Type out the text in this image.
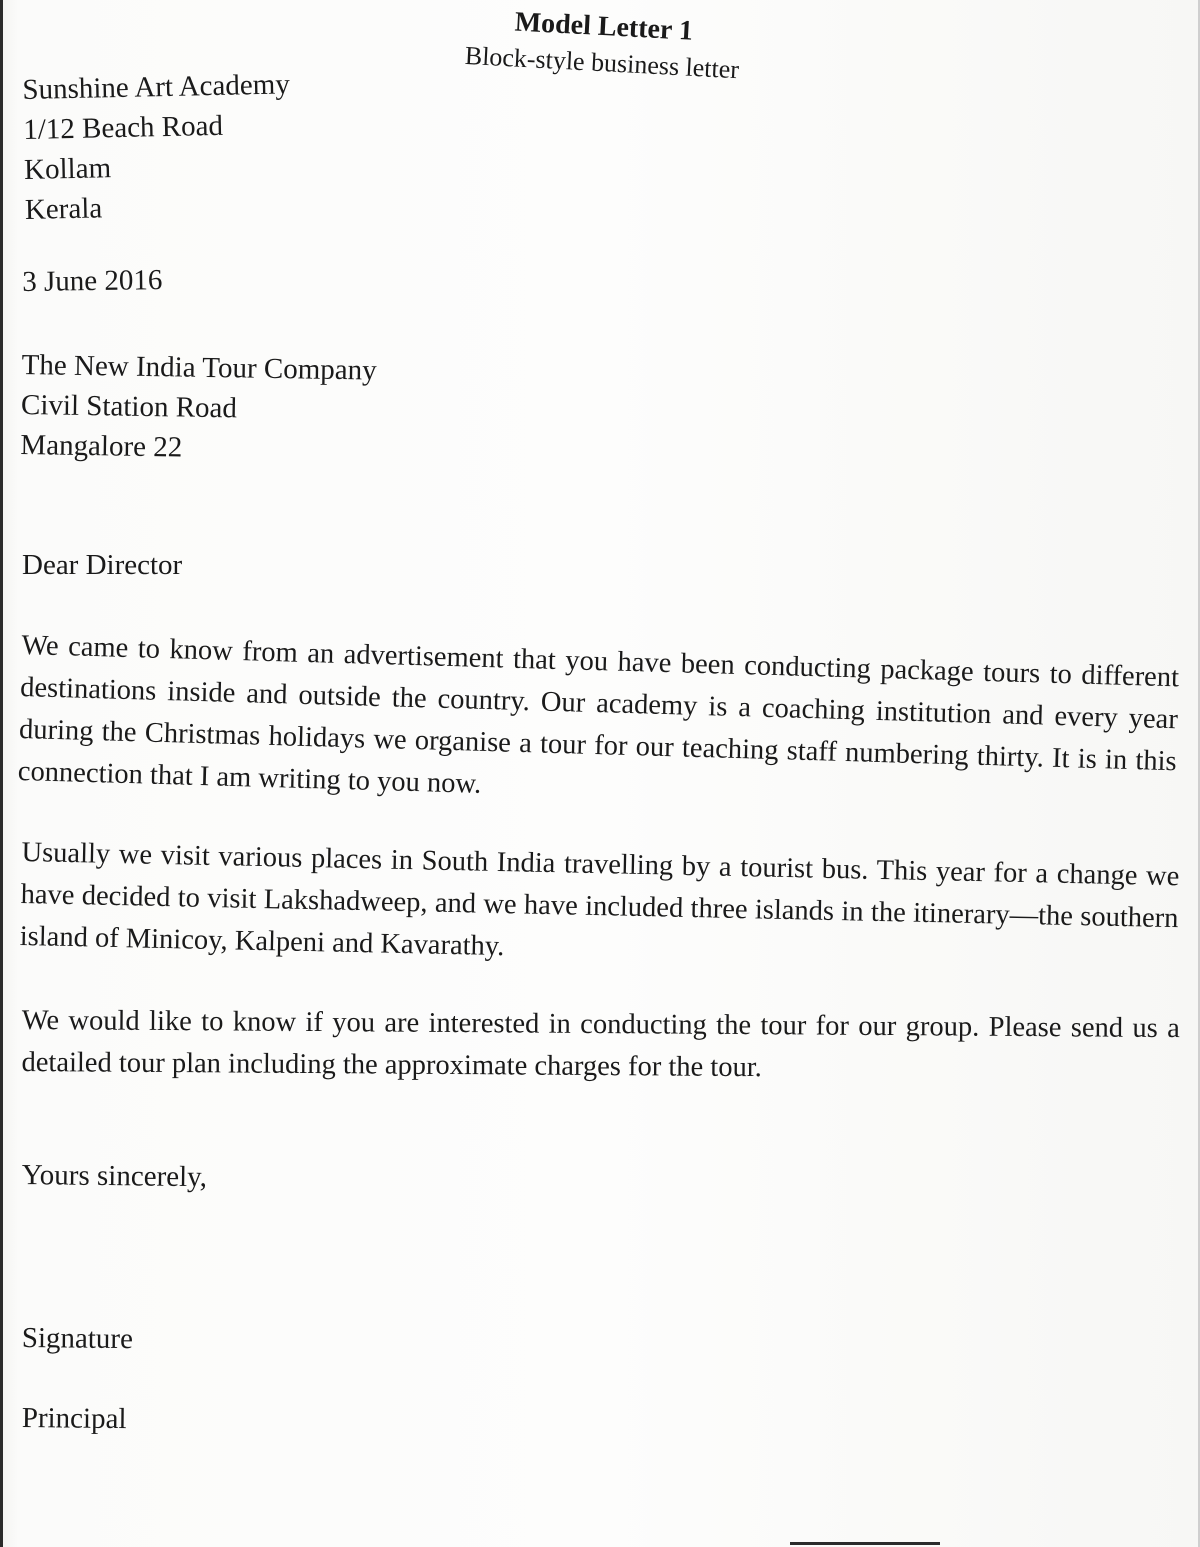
Model Letter 1
Block-style business letter
Sunshine Art Academy
1/12 Beach Road
Kollam
Kerala
3 June 2016
The New India Tour Company
Civil Station Road
Mangalore 22
Dear Director
We came to know from an advertisement that you have been conducting package tours to different destinations inside and outside the country. Our academy is a coaching institution and every year during the Christmas holidays we organise a tour for our teaching staff numbering thirty. It is in this connection that I am writing to you now.
Usually we visit various places in South India travelling by a tourist bus. This year for a change we have decided to visit Lakshadweep, and we have included three islands in the itinerary—the southern island of Minicoy, Kalpeni and Kavarathy.
We would like to know if you are interested in conducting the tour for our group. Please send us a detailed tour plan including the approximate charges for the tour.
Yours sincerely,
Signature
Principal
